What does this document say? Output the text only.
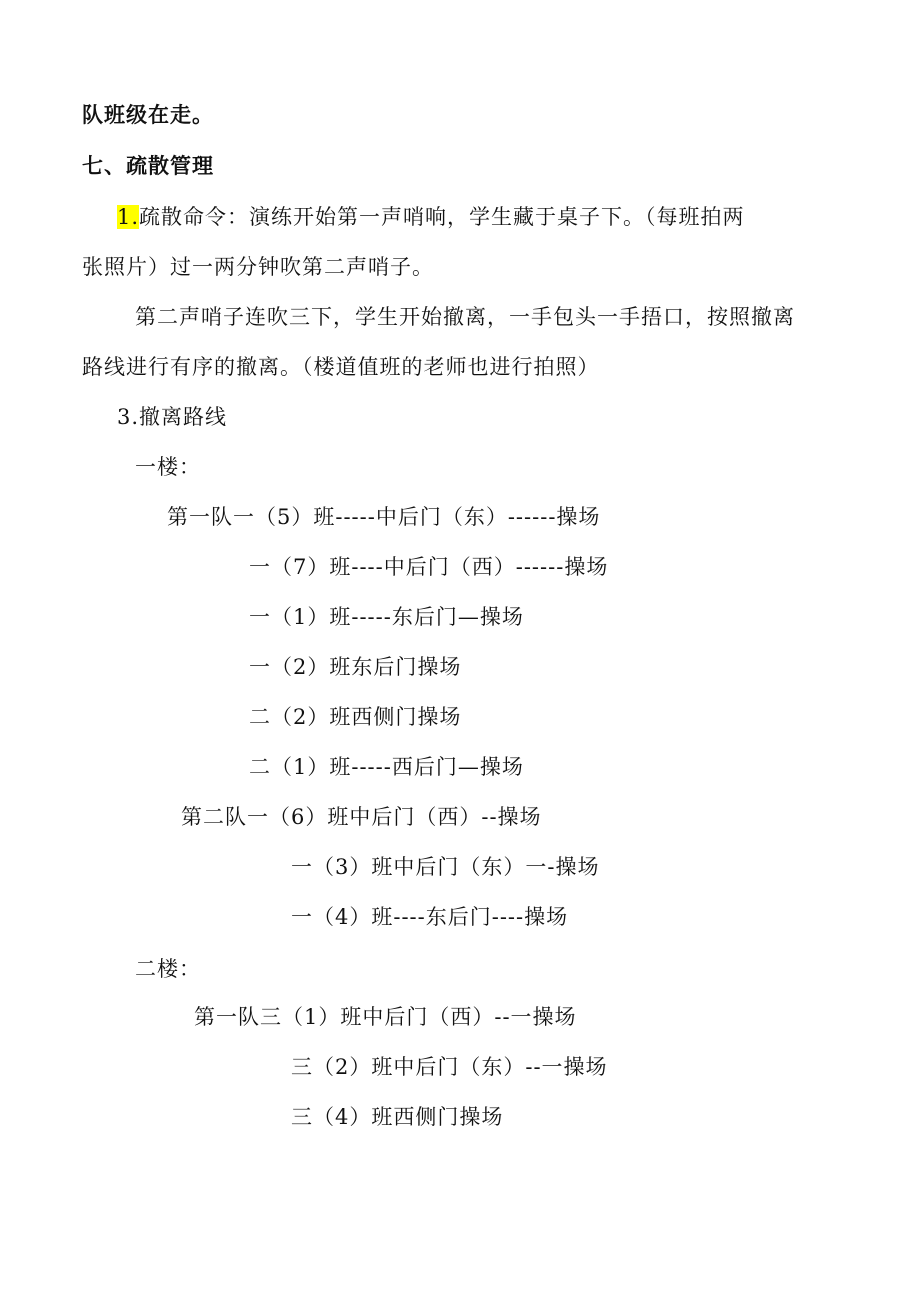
队班级在走。
七、疏散管理
1.疏散命令：演练开始第一声哨响，学生藏于桌子下。（每班拍两
张照片）过一两分钟吹第二声哨子。
第二声哨子连吹三下，学生开始撤离，一手包头一手捂口，按照撤离
路线进行有序的撤离。（楼道值班的老师也进行拍照）
3.撤离路线
一楼：
第一队一（5）班-----中后门（东）------操场
一（7）班----中后门（西）------操场
一（1）班-----东后门—操场
一（2）班东后门操场
二（2）班西侧门操场
二（1）班-----西后门—操场
第二队一（6）班中后门（西）--操场
一（3）班中后门（东）一-操场
一（4）班----东后门----操场
二楼：
第一队三（1）班中后门（西）--一操场
三（2）班中后门（东）--一操场
三（4）班西侧门操场
